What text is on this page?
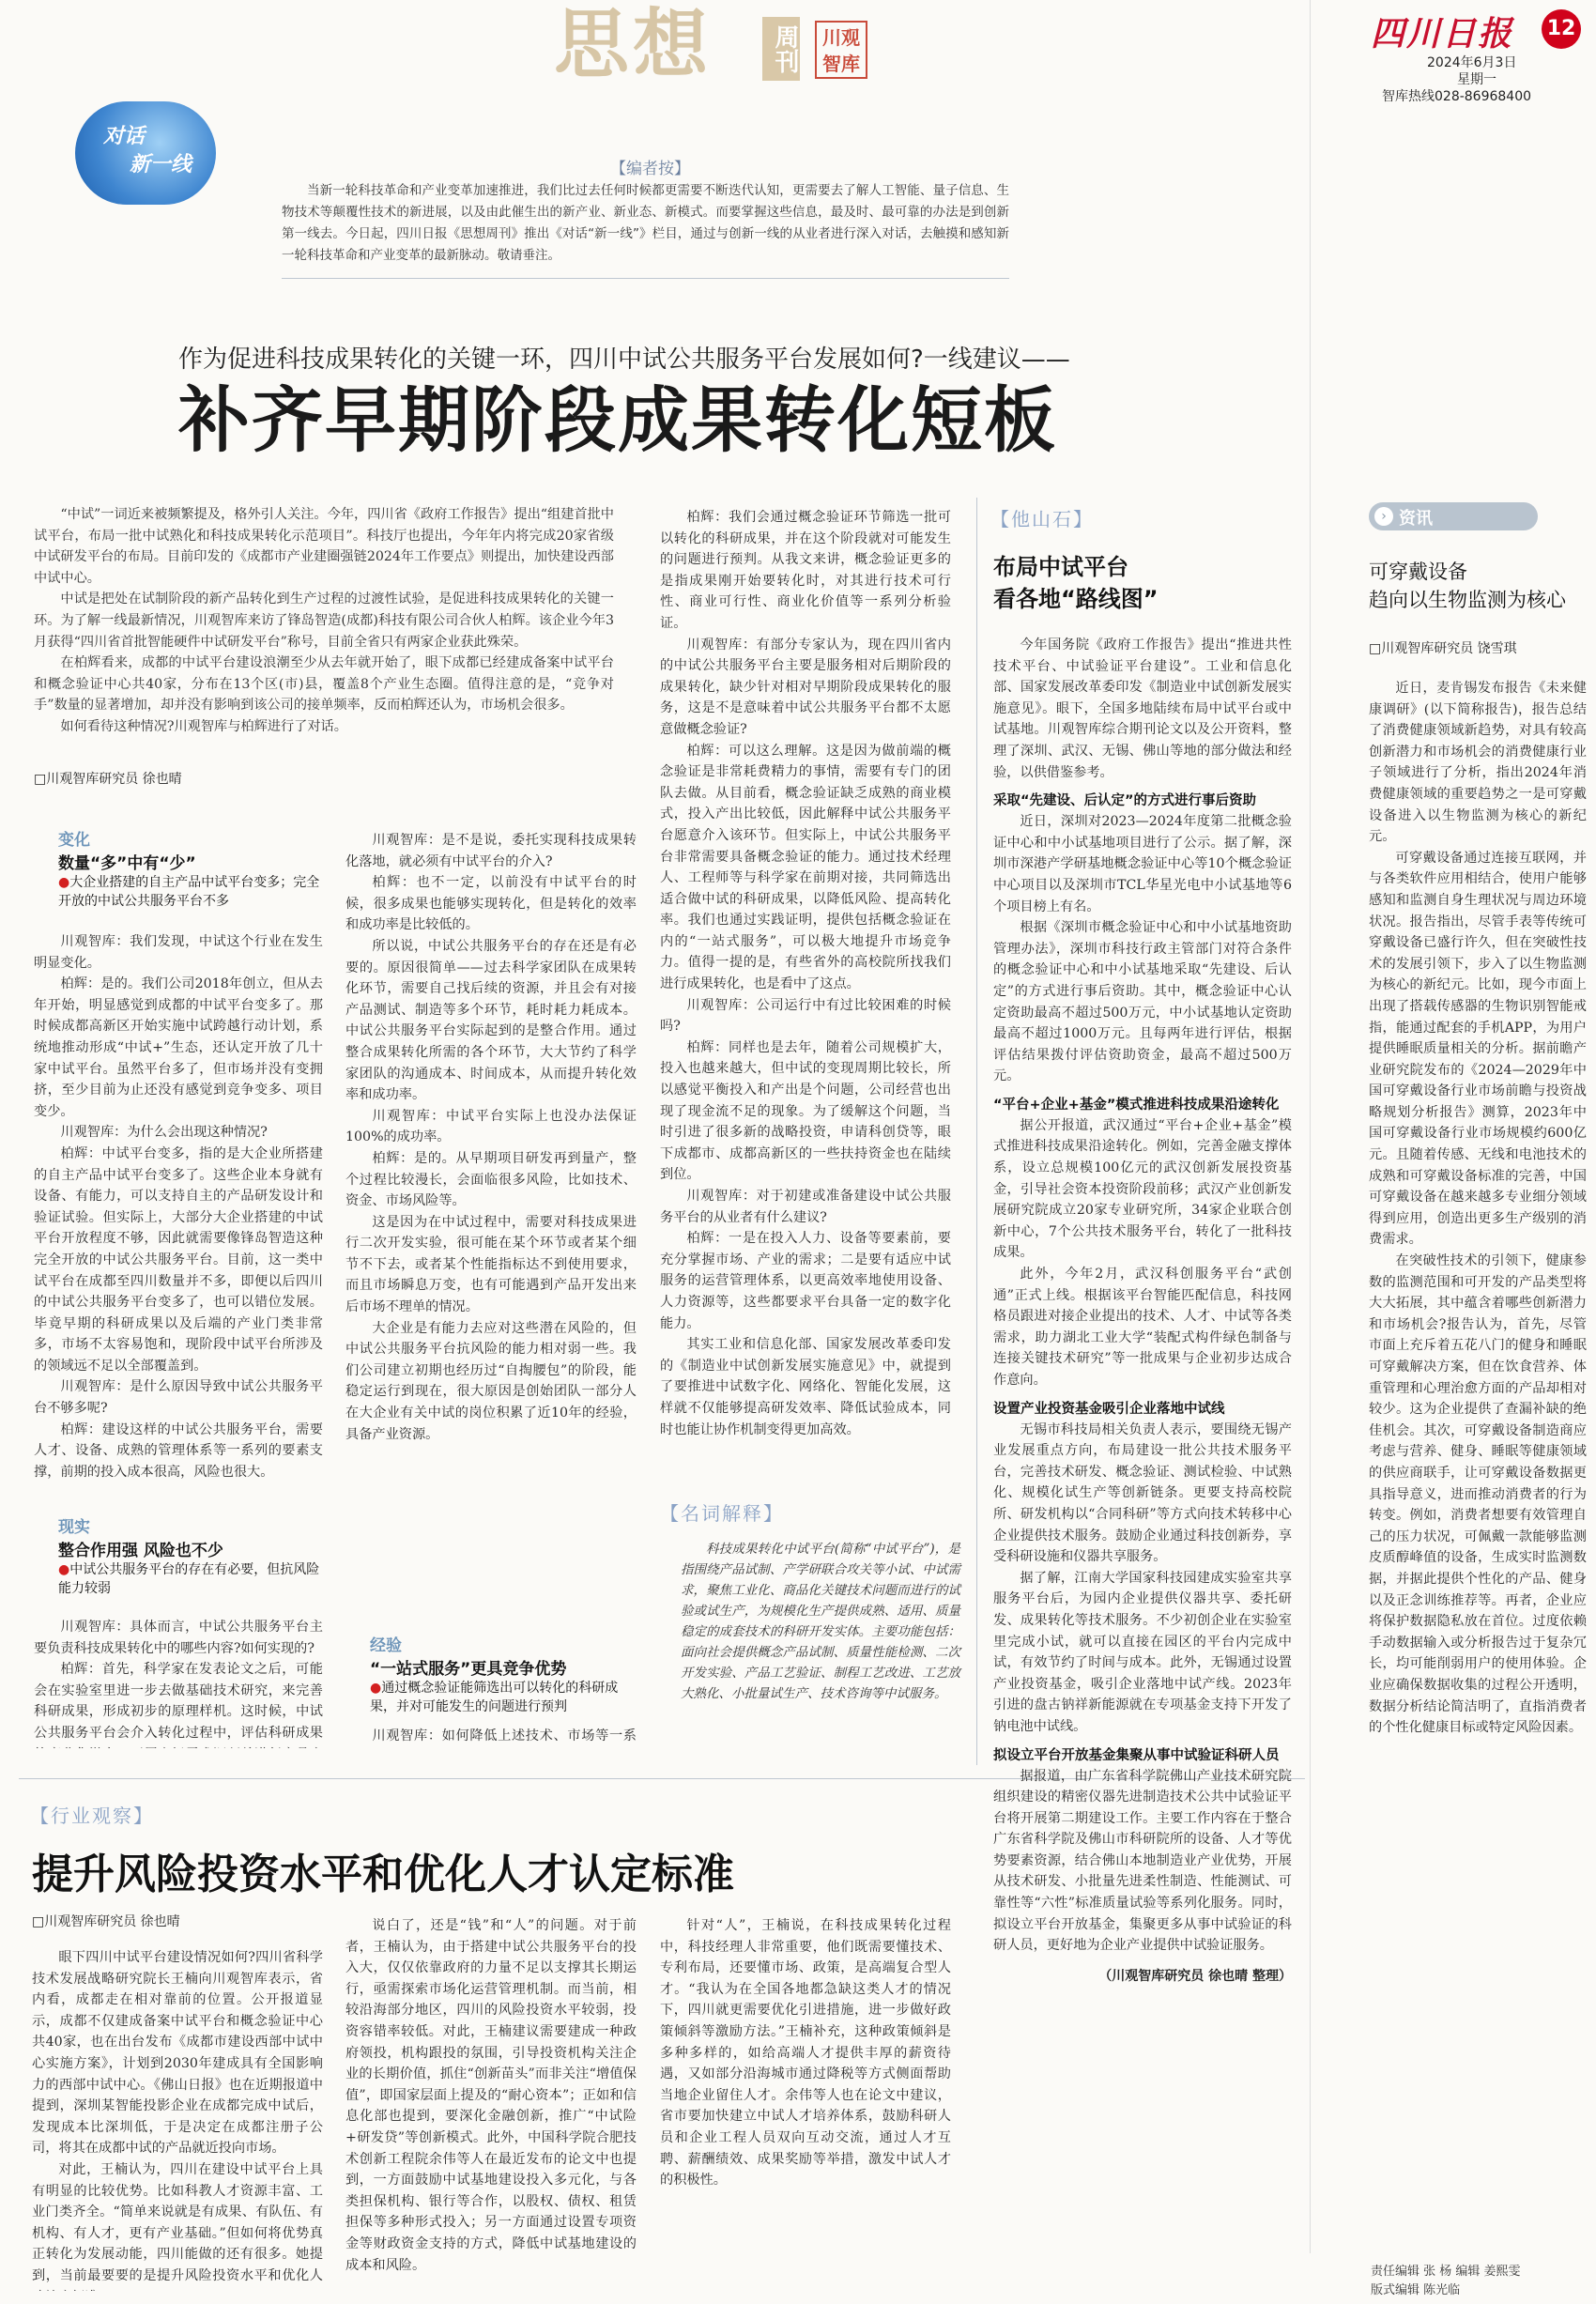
思想	周刊	川观智库
四川日报 12
2024年6月3日
星期一
智库热线028-86968400
对话
新一线	【编者按】
当新一轮科技革命和产业变革加速推进，我们比过去任何时候都更需要不断迭代认知，更需要去了解人工智能、量子信息、生物技术等颠覆性技术的新进展，以及由此催生出的新产业、新业态、新模式。而要掌握这些信息，最及时、最可靠的办法是到创新第一线去。今日起，四川日报《思想周刊》推出《对话“新一线”》栏目，通过与创新一线的从业者进行深入对话，去触摸和感知新一轮科技革命和产业变革的最新脉动。敬请垂注。
作为促进科技成果转化的关键一环，四川中试公共服务平台发展如何?一线建议——
补齐早期阶段成果转化短板

“中试”一词近来被频繁提及，格外引人关注。今年，四川省《政府工作报告》提出“组建首批中试平台，布局一批中试熟化和科技成果转化示范项目”。科技厅也提出，今年年内将完成20家省级中试研发平台的布局。目前印发的《成都市产业建圈强链2024年工作要点》则提出，加快建设西部中试中心。

中试是把处在试制阶段的新产品转化到生产过程的过渡性试验，是促进科技成果转化的关键一环。为了解一线最新情况，川观智库来访了锋岛智造(成都)科技有限公司合伙人柏辉。该企业今年3月获得“四川省首批智能硬件中试研发平台”称号，目前全省只有两家企业获此殊荣。

在柏辉看来，成都的中试平台建设浪潮至少从去年就开始了，眼下成都已经建成备案中试平台和概念验证中心共40家，分布在13个区(市)县，覆盖8个产业生态圈。值得注意的是，“竞争对手”数量的显著增加，却并没有影响到该公司的接单频率，反而柏辉还认为，市场机会很多。

如何看待这种情况?川观智库与柏辉进行了对话。

□川观智库研究员 徐也晴
变化
数量“多”中有“少”
●大企业搭建的自主产品中试平台变多；完全开放的中试公共服务平台不多

川观智库：我们发现，中试这个行业在发生明显变化。

柏辉：是的。我们公司2018年创立，但从去年开始，明显感觉到成都的中试平台变多了。那时候成都高新区开始实施中试跨越行动计划，系统地推动形成“中试+”生态，还认定开放了几十家中试平台。虽然平台多了，但市场并没有变拥挤，至少目前为止还没有感觉到竞争变多、项目变少。

川观智库：为什么会出现这种情况?

柏辉：中试平台变多，指的是大企业所搭建的自主产品中试平台变多了。这些企业本身就有设备、有能力，可以支持自主的产品研发设计和验证试验。但实际上，大部分大企业搭建的中试平台开放程度不够，因此就需要像锋岛智造这种完全开放的中试公共服务平台。目前，这一类中试平台在成都至四川数量并不多，即便以后四川的中试公共服务平台变多了，也可以错位发展。毕竟早期的科研成果以及后端的产业门类非常多，市场不太容易饱和，现阶段中试平台所涉及的领域远不足以全部覆盖到。

川观智库：是什么原因导致中试公共服务平台不够多呢?

柏辉：建设这样的中试公共服务平台，需要人才、设备、成熟的管理体系等一系列的要素支撑，前期的投入成本很高，风险也很大。

现实
整合作用强 风险也不少
●中试公共服务平台的存在有必要，但抗风险能力较弱

川观智库：具体而言，中试公共服务平台主要负责科技成果转化中的哪些内容?如何实现的?

柏辉：首先，科学家在发表论文之后，可能会在实验室里进一步去做基础技术研究，来完善科研成果，形成初步的原理样机。这时候，中试公共服务平台会介入转化过程中，评估科研成果

川观智库：是不是说，委托实现科技成果转化落地，就必须有中试平台的介入?

柏辉：也不一定，以前没有中试平台的时候，很多成果也能够实现转化，但是转化的效率和成功率是比较低的。

所以说，中试公共服务平台的存在还是有必要的。原因很简单——过去科学家团队在成果转化环节，需要自己找后续的资源，并且会有对接产品测试、制造等多个环节，耗时耗力耗成本。中试公共服务平台实际起到的是整合作用。通过整合成果转化所需的各个环节，大大节约了科学家团队的沟通成本、时间成本，从而提升转化效率和成功率。

川观智库：中试平台实际上也没办法保证100%的成功率。

柏辉：是的。从早期项目研发再到量产，整个过程比较漫长，会面临很多风险，比如技术、资金、市场风险等。

这是因为在中试过程中，需要对科技成果进行二次开发实验，很可能在某个环节或者某个细节不下去，或者某个性能指标达不到使用要求，而且市场瞬息万变，也有可能遇到产品开发出来后市场不理单的情况。

大企业是有能力去应对这些潜在风险的，但中试公共服务平台抗风险的能力相对弱一些。我们公司建立初期也经历过“自掏腰包”的阶段，能稳定运行到现在，很大原因是创始团队一部分人在大企业有关中试的岗位积累了近10年的经验，具备产业资源。

经验
“一站式服务”更具竞争优势
●通过概念验证能筛选出可以转化的科研成果，并对可能发生的问题进行预判

川观智库：如何降低上述技术、市场等一系

柏辉：我们会通过概念验证环节筛选一批可以转化的科研成果，并在这个阶段就对可能发生的问题进行预判。从我文来讲，概念验证更多的是指成果刚开始要转化时，对其进行技术可行性、商业可行性、商业化价值等一系列分析验证。

川观智库：有部分专家认为，现在四川省内的中试公共服务平台主要是服务相对后期阶段的成果转化，缺少针对相对早期阶段成果转化的服务，这是不是意味着中试公共服务平台都不太愿意做概念验证?

柏辉：可以这么理解。这是因为做前端的概念验证是非常耗费精力的事情，需要有专门的团队去做。从目前看，概念验证缺乏成熟的商业模式，投入产出比较低，因此解释中试公共服务平台愿意介入该环节。但实际上，中试公共服务平台非常需要具备概念验证的能力。通过技术经理人、工程师等与科学家在前期对接，共同筛选出适合做中试的科研成果，以降低风险、提高转化率。我们也通过实践证明，提供包括概念验证在内的“一站式服务”，可以极大地提升市场竞争力。值得一提的是，有些省外的高校院所找我们进行成果转化，也是看中了这点。

川观智库：公司运行中有过比较困难的时候吗?

柏辉：同样也是去年，随着公司规模扩大，投入也越来越大，但中试的变现周期比较长，所以感觉平衡投入和产出是个问题，公司经营也出现了现金流不足的现象。为了缓解这个问题，当时引进了很多新的战略投资，申请科创贷等，眼下成都市、成都高新区的一些扶持资金也在陆续到位。

川观智库：对于初建或准备建设中试公共服务平台的从业者有什么建议?

柏辉：一是在投入人力、设备等要素前，要充分掌握市场、产业的需求；二是要有适应中试服务的运营管理体系，以更高效率地使用设备、人力资源等，这些都要求平台具备一定的数字化能力。

其实工业和信息化部、国家发展改革委印发的《制造业中试创新发展实施意见》中，就提到了要推进中试数字化、网络化、智能化发展，这样就不仅能够提高研发效率、降低试验成本，同时也能让协作机制变得更加高效。

【名词解释】
科技成果转化中试平台(简称“中试平台”)，是指围绕产品试制、产学研联合攻关等小试、中试需求，聚焦工业化、商品化关键技术问题而进行的试验或试生产，为规模化生产提供成熟、适用、质量稳定的成套技术的科研开发实体。主要功能包括：面向社会提供概念产品试制、质量性能检测、二次开发实验、产品工艺验证、制程工艺改进、工艺放大熟化、小批量试生产、技术咨询等中试服务。
【他山石】
布局中试平台
看各地“路线图”

今年国务院《政府工作报告》提出“推进共性技术平台、中试验证平台建设”。工业和信息化部、国家发展改革委印发《制造业中试创新发展实施意见》。眼下，全国多地陆续布局中试平台或中试基地。川观智库综合期刊论文以及公开资料，整理了深圳、武汉、无锡、佛山等地的部分做法和经验，以供借鉴参考。

采取“先建设、后认定”的方式进行事后资助

近日，深圳对2023—2024年度第二批概念验证中心和中小试基地项目进行了公示。据了解，深圳市深港产学研基地概念验证中心等10个概念验证中心项目以及深圳市TCL华星光电中小试基地等6个项目榜上有名。

根据《深圳市概念验证中心和中小试基地资助管理办法》，深圳市科技行政主管部门对符合条件的概念验证中心和中小试基地采取“先建设、后认定”的方式进行事后资助。其中，概念验证中心认定资助最高不超过500万元，中小试基地认定资助最高不超过1000万元。且每两年进行评估，根据评估结果拨付评估资助资金，最高不超过500万元。

“平台+企业+基金”模式推进科技成果沿途转化

据公开报道，武汉通过“平台+企业+基金”模式推进科技成果沿途转化。例如，完善金融支撑体系，设立总规模100亿元的武汉创新发展投资基金，引导社会资本投资阶段前移；武汉产业创新发展研究院成立20家专业研究所，34家企业联合创新中心，7个公共技术服务平台，转化了一批科技成果。

此外，今年2月，武汉科创服务平台“武创通”正式上线。根据该平台智能匹配信息，科技网格员跟进对接企业提出的技术、人才、中试等各类需求，助力湖北工业大学“装配式构件绿色制备与连接关键技术研究”等一批成果与企业初步达成合作意向。

设置产业投资基金吸引企业落地中试线

无锡市科技局相关负责人表示，要围绕无锡产业发展重点方向，布局建设一批公共技术服务平台，完善技术研发、概念验证、测试检验、中试熟化、规模化试生产等创新链条。更要支持高校院所、研发机构以“合同科研”等方式向技术转移中心企业提供技术服务。鼓励企业通过科技创新券，享受科研设施和仪器共享服务。

据了解，江南大学国家科技园建成实验室共享服务平台后，为园内企业提供仪器共享、委托研发、成果转化等技术服务。不少初创企业在实验室里完成小试，就可以直接在园区的平台内完成中试，有效节约了时间与成本。此外，无锡通过设置产业投资基金，吸引企业落地中试产线。2023年引进的盘古钠祥新能源就在专项基金支持下开发了钠电池中试线。

拟设立平台开放基金集聚从事中试验证科研人员

据报道，由广东省科学院佛山产业技术研究院组织建设的精密仪器先进制造技术公共中试验证平台将开展第二期建设工作。主要工作内容在于整合广东省科学院及佛山市科研院所的设备、人才等优势要素资源，结合佛山本地制造业产业优势，开展从技术研发、小批量先进柔性制造、性能测试、可靠性等“六性”标准质量试验等系列化服务。同时，拟设立平台开放基金，集聚更多从事中试验证的科研人员，更好地为企业产业提供中试验证服务。

（川观智库研究员 徐也晴 整理）
› 资讯
可穿戴设备
趋向以生物监测为核心
□川观智库研究员 饶雪琪

近日，麦肯锡发布报告《未来健康调研》(以下简称报告)，报告总结了消费健康领域新趋势，对具有较高创新潜力和市场机会的消费健康行业子领域进行了分析，指出2024年消费健康领域的重要趋势之一是可穿戴设备进入以生物监测为核心的新纪元。

可穿戴设备通过连接互联网，并与各类软件应用相结合，使用户能够感知和监测自身生理状况与周边环境状况。报告指出，尽管手表等传统可穿戴设备已盛行许久，但在突破性技术的发展引领下，步入了以生物监测为核心的新纪元。比如，现今市面上出现了搭载传感器的生物识别智能戒指，能通过配套的手机APP，为用户提供睡眠质量相关的分析。据前瞻产业研究院发布的《2024—2029年中国可穿戴设备行业市场前瞻与投资战略规划分析报告》测算，2023年中国可穿戴设备行业市场规模约600亿元。且随着传感、无线和电池技术的成熟和可穿戴设备标准的完善，中国可穿戴设备在越来越多专业细分领域得到应用，创造出更多生产级别的消费需求。

在突破性技术的引领下，健康参数的监测范围和可开发的产品类型将大大拓展，其中蕴含着哪些创新潜力和市场机会?报告认为，首先，尽管市面上充斥着五花八门的健身和睡眠可穿戴解决方案，但在饮食营养、体重管理和心理治愈方面的产品却相对较少。这为企业提供了查漏补缺的绝佳机会。其次，可穿戴设备制造商应考虑与营养、健身、睡眠等健康领域的供应商联手，让可穿戴设备数据更具指导意义，进而推动消费者的行为转变。例如，消费者想要有效管理自己的压力状况，可佩戴一款能够监测皮质醇峰值的设备，生成实时监测数据，并据此提供个性化的产品、健身以及正念训练推荐等。再者，企业应将保护数据隐私放在首位。过度依赖手动数据输入或分析报告过于复杂冗长，均可能削弱用户的使用体验。企业应确保数据收集的过程公开透明，数据分析结论简洁明了，直指消费者的个性化健康目标或特定风险因素。

【行业观察】
提升风险投资水平和优化人才认定标准
□川观智库研究员 徐也晴

眼下四川中试平台建设情况如何?四川省科学技术发展战略研究院长王楠向川观智库表示，省内看，成都走在相对靠前的位置。公开报道显示，成都不仅建成备案中试平台和概念验证中心共40家，也在出台发布《成都市建设西部中试中心实施方案》，计划到2030年建成具有全国影响力的西部中试中心。《佛山日报》也在近期报道中提到，深圳某智能投影企业在成都完成中试后，发现成本比深圳低，于是决定在成都注册子公司，将其在成都中试的产品就近投向市场。

对此，王楠认为，四川在建设中试平台上具有明显的比较优势。比如科教人才资源丰富、工业门类齐全。“简单来说就是有成果、有队伍、有机构、有人才，更有产业基础。”但如何将优势真正转化为发展动能，四川能做的还有很多。她提到，当前最要要的是提升风险投资水平和优化人

说白了，还是“钱”和“人”的问题。对于前者，王楠认为，由于搭建中试公共服务平台的投入大，仅仅依靠政府的力量不足以支撑其长期运行，亟需探索市场化运营管理机制。而当前，相较沿海部分地区，四川的风险投资水平较弱，投资容错率较低。对此，王楠建议需要建成一种政府领投，机构跟投的氛围，引导投资机构关注企业的长期价值，抓住“创新苗头”而非关注“增值保值”，即国家层面上提及的“耐心资本”；正如和信息化部也提到，要深化金融创新，推广“中试险+研发贷”等创新模式。此外，中国科学院合肥技术创新工程院余伟等人在最近发布的论文中也提到，一方面鼓励中试基地建设投入多元化，与各类担保机构、银行等合作，以股权、债权、租赁担保等多种形式投入；另一方面通过设置专项资金等财政资金支持的方式，降低中试基地建设的成本和风险。

针对“人”，王楠说，在科技成果转化过程中，科技经理人非常重要，他们既需要懂技术、专利布局，还要懂市场、政策，是高端复合型人才。“我认为在全国各地都急缺这类人才的情况下，四川就更需要优化引进措施，进一步做好政策倾斜等激励方法。”王楠补充，这种政策倾斜是多种多样的，如给高端人才提供丰厚的薪资待遇，又如部分沿海城市通过降税等方式侧面帮助当地企业留住人才。余伟等人也在论文中建议，省市要加快建立中试人才培养体系，鼓励科研人员和企业工程人员双向互动交流，通过人才互聘、薪酬绩效、成果奖励等举措，激发中试人才的积极性。

责任编辑 张 杨 编辑 姜熙雯
版式编辑 陈光临
